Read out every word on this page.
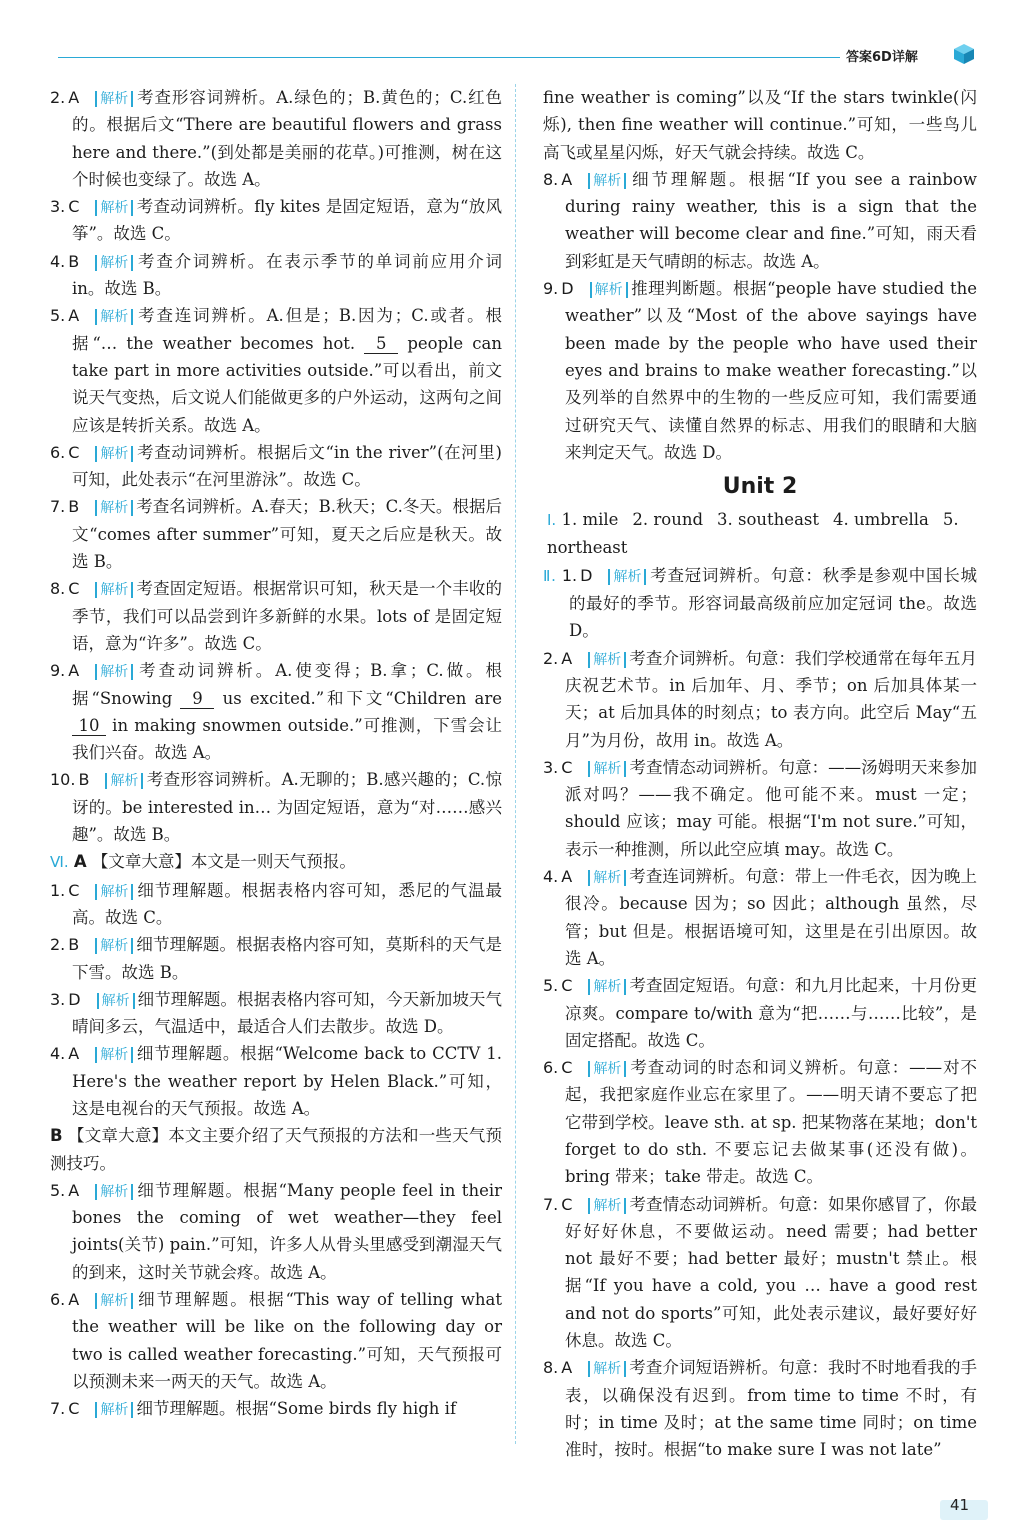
答案6D详解
2. A 解析 考查形容词辨析。A.绿色的；B.黄色的；C.红色的。根据后文“There are beautiful flowers and grass here and there.”(到处都是美丽的花草。)可推测，树在这个时候也变绿了。故选 A。
3. C 解析 考查动词辨析。fly kites 是固定短语，意为“放风筝”。故选 C。
4. B 解析 考查介词辨析。在表示季节的单词前应用介词 in。故选 B。
5. A 解析 考查连词辨析。A.但是；B.因为；C.或者。根据“… the weather becomes hot. 5 people can take part in more activities outside.”可以看出，前文说天气变热，后文说人们能做更多的户外运动，这两句之间应该是转折关系。故选 A。
6. C 解析 考查动词辨析。根据后文“in the river”(在河里)可知，此处表示“在河里游泳”。故选 C。
7. B 解析 考查名词辨析。A.春天；B.秋天；C.冬天。根据后文“comes after summer”可知，夏天之后应是秋天。故选 B。
8. C 解析 考查固定短语。根据常识可知，秋天是一个丰收的季节，我们可以品尝到许多新鲜的水果。lots of 是固定短语，意为“许多”。故选 C。
9. A 解析 考查动词辨析。A.使变得；B.拿；C.做。根据“Snowing 9 us excited.”和下文“Children are 10 in making snowmen outside.”可推测，下雪会让我们兴奋。故选 A。
10. B 解析 考查形容词辨析。A.无聊的；B.感兴趣的；C.惊讶的。be interested in… 为固定短语，意为“对……感兴趣”。故选 B。
Ⅵ. A 【文章大意】本文是一则天气预报。
1. C 解析 细节理解题。根据表格内容可知，悉尼的气温最高。故选 C。
2. B 解析 细节理解题。根据表格内容可知，莫斯科的天气是下雪。故选 B。
3. D 解析 细节理解题。根据表格内容可知，今天新加坡天气晴间多云，气温适中，最适合人们去散步。故选 D。
4. A 解析 细节理解题。根据“Welcome back to CCTV 1. Here's the weather report by Helen Black.”可知，这是电视台的天气预报。故选 A。
B 【文章大意】本文主要介绍了天气预报的方法和一些天气预测技巧。
5. A 解析 细节理解题。根据“Many people feel in their bones the coming of wet weather—they feel joints(关节) pain.”可知，许多人从骨头里感受到潮湿天气的到来，这时关节就会疼。故选 A。
6. A 解析 细节理解题。根据“This way of telling what the weather will be like on the following day or two is called weather forecasting.”可知，天气预报可以预测未来一两天的天气。故选 A。
7. C 解析 细节理解题。根据“Some birds fly high if
fine weather is coming”以及“If the stars twinkle(闪烁), then fine weather will continue.”可知，一些鸟儿高飞或星星闪烁，好天气就会持续。故选 C。
8. A 解析 细节理解题。根据“If you see a rainbow during rainy weather, this is a sign that the weather will become clear and fine.”可知，雨天看到彩虹是天气晴朗的标志。故选 A。
9. D 解析 推理判断题。根据“people have studied the weather”以及“Most of the above sayings have been made by the people who have used their eyes and brains to make weather forecasting.”以及列举的自然界中的生物的一些反应可知，我们需要通过研究天气、读懂自然界的标志、用我们的眼睛和大脑来判定天气。故选 D。
Unit 2
Ⅰ. 1. mile 2. round 3. southeast 4. umbrella 5. northeast
Ⅱ. 1. D 解析 考查冠词辨析。句意：秋季是参观中国长城的最好的季节。形容词最高级前应加定冠词 the。故选 D。
2. A 解析 考查介词辨析。句意：我们学校通常在每年五月庆祝艺术节。in 后加年、月、季节；on 后加具体某一天；at 后加具体的时刻点；to 表方向。此空后 May“五月”为月份，故用 in。故选 A。
3. C 解析 考查情态动词辨析。句意：——汤姆明天来参加派对吗？——我不确定。他可能不来。must 一定；should 应该；may 可能。根据“I'm not sure.”可知，表示一种推测，所以此空应填 may。故选 C。
4. A 解析 考查连词辨析。句意：带上一件毛衣，因为晚上很冷。because 因为；so 因此；although 虽然，尽管；but 但是。根据语境可知，这里是在引出原因。故选 A。
5. C 解析 考查固定短语。句意：和九月比起来，十月份更凉爽。compare to/with 意为“把……与……比较”，是固定搭配。故选 C。
6. C 解析 考查动词的时态和词义辨析。句意：——对不起，我把家庭作业忘在家里了。——明天请不要忘了把它带到学校。leave sth. at sp. 把某物落在某地；don't forget to do sth. 不要忘记去做某事(还没有做)。bring 带来；take 带走。故选 C。
7. C 解析 考查情态动词辨析。句意：如果你感冒了，你最好好好休息，不要做运动。need 需要；had better not 最好不要；had better 最好；mustn't 禁止。根据“If you have a cold, you … have a good rest and not do sports”可知，此处表示建议，最好要好好休息。故选 C。
8. A 解析 考查介词短语辨析。句意：我时不时地看我的手表，以确保没有迟到。from time to time 不时，有时；in time 及时；at the same time 同时；on time 准时，按时。根据“to make sure I was not late”
41
